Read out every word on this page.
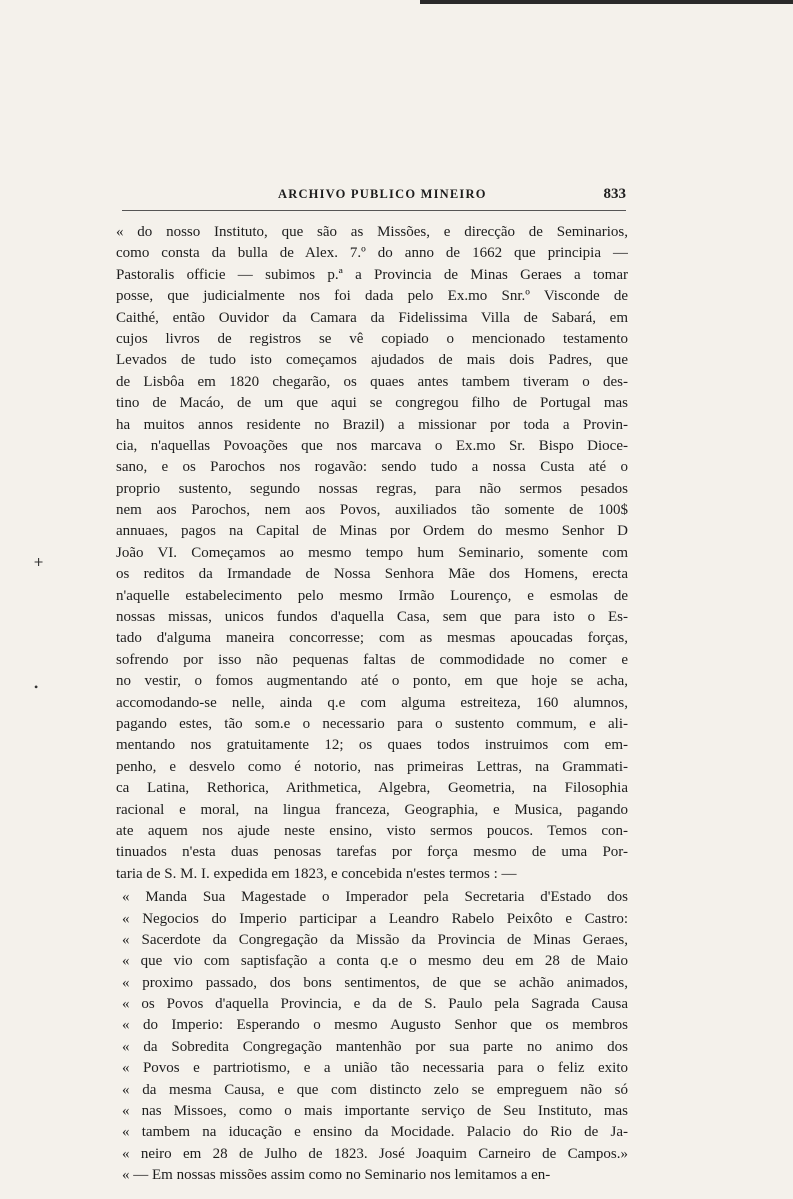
ARCHIVO PUBLICO MINEIRO	833
🞤
•
« do nosso Instituto, que são as Missões, e direcção de Seminarios,
como consta da bulla de Alex. 7.º do anno de 1662 que principia —
Pastoralis officie — subimos p.ª a Provincia de Minas Geraes a tomar
posse, que judicialmente nos foi dada pelo Ex.mo Snr.º Visconde de
Caithé, então Ouvidor da Camara da Fidelissima Villa de Sabará, em
cujos livros de registros se vê copiado o mencionado testamento
Levados de tudo isto começamos ajudados de mais dois Padres, que
de Lisbôa em 1820 chegarão, os quaes antes tambem tiveram o des-
tino de Macáo, de um que aqui se congregou filho de Portugal mas
ha muitos annos residente no Brazil) a missionar por toda a Provin-
cia, n'aquellas Povoações que nos marcava o Ex.mo Sr. Bispo Dioce-
sano, e os Parochos nos rogavão: sendo tudo a nossa Custa até o
proprio sustento, segundo nossas regras, para não sermos pesados
nem aos Parochos, nem aos Povos, auxiliados tão somente de 100$
annuaes, pagos na Capital de Minas por Ordem do mesmo Senhor D
João VI. Começamos ao mesmo tempo hum Seminario, somente com
os reditos da Irmandade de Nossa Senhora Mãe dos Homens, erecta
n'aquelle estabelecimento pelo mesmo Irmão Lourenço, e esmolas de
nossas missas, unicos fundos d'aquella Casa, sem que para isto o Es-
tado d'alguma maneira concorresse; com as mesmas apoucadas forças,
sofrendo por isso não pequenas faltas de commodidade no comer e
no vestir, o fomos augmentando até o ponto, em que hoje se acha,
accomodando-se nelle, ainda q.e com alguma estreiteza, 160 alumnos,
pagando estes, tão som.e o necessario para o sustento commum, e ali-
mentando nos gratuitamente 12; os quaes todos instruimos com em-
penho, e desvelo como é notorio, nas primeiras Lettras, na Grammati-
ca Latina, Rethorica, Arithmetica, Algebra, Geometria, na Filosophia
racional e moral, na lingua franceza, Geographia, e Musica, pagando
ate aquem nos ajude neste ensino, visto sermos poucos. Temos con-
tinuados n'esta duas penosas tarefas por força mesmo de uma Por-
taria de S. M. I. expedida em 1823, e concebida n'estes termos : —
« Manda Sua Magestade o Imperador pela Secretaria d'Estado dos
« Negocios do Imperio participar a Leandro Rabelo Peixôto e Castro:
« Sacerdote da Congregação da Missão da Provincia de Minas Geraes,
« que vio com saptisfação a conta q.e o mesmo deu em 28 de Maio
« proximo passado, dos bons sentimentos, de que se achão animados,
« os Povos d'aquella Provincia, e da de S. Paulo pela Sagrada Causa
« do Imperio: Esperando o mesmo Augusto Senhor que os membros
« da Sobredita Congregação mantenhão por sua parte no animo dos
« Povos e partriotismo, e a união tão necessaria para o feliz exito
« da mesma Causa, e que com distincto zelo se empreguem não só
« nas Missoes, como o mais importante serviço de Seu Instituto, mas
« tambem na iducação e ensino da Mocidade. Palacio do Rio de Ja-
« neiro em 28 de Julho de 1823. José Joaquim Carneiro de Campos.»
« — Em nossas missões assim como no Seminario nos lemitamos a en-
